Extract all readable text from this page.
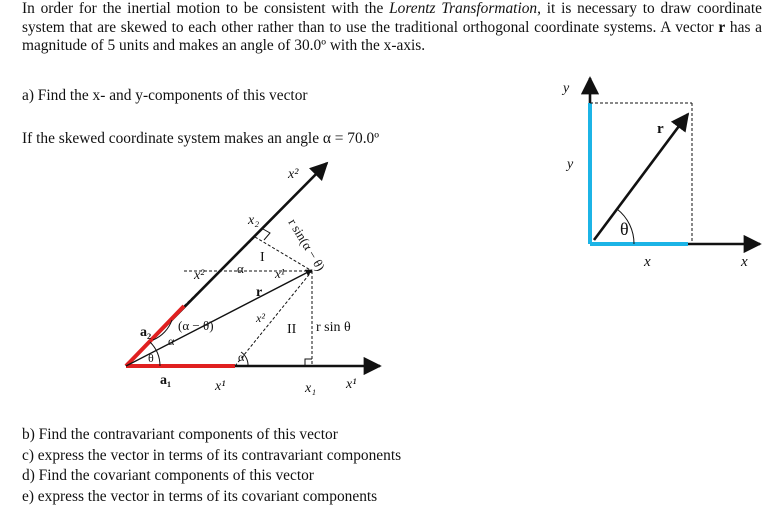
In order for the inertial motion to be consistent with the Lorentz Transformation, it is necessary to draw coordinate system that are skewed to each other rather than to use the traditional orthogonal coordinate systems. A vector r has a magnitude of 5 units and makes an angle of 30.0º with the x-axis.
a) Find the x- and y-components of this vector
If the skewed coordinate system makes an angle α = 70.0º
b) Find the contravariant components of this vector
c) express the vector in terms of its contravariant components
d) Find the covariant components of this vector
e) express the vector in terms of its covariant components
x²
x₂
x²
x²
x¹
x₁
x¹
x¹
a₁
a₂
r
I
II r sin θ
r sin(α − θ)
(α − θ)
α
α
α
θ
y
y
r
θ
x	x
